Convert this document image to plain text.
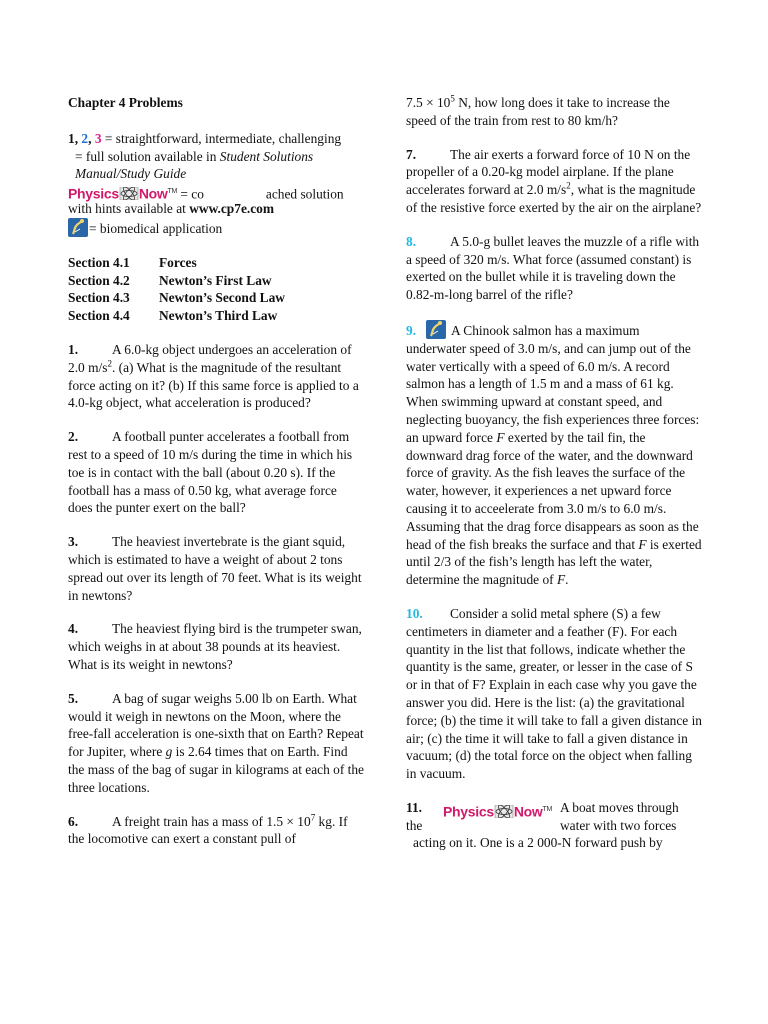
Chapter 4 Problems

1, 2, 3 = straightforward, intermediate, challenging
= full solution available in Student Solutions Manual/Study Guide
Physics Now™ = co	ached solution
with hints available at www.cp7e.com
= biomedical application
Section 4.1	Forces
Section 4.2	Newton’s First Law
Section 4.3	Newton’s Second Law
Section 4.4	Newton’s Third Law

1.	A 6.0-kg object undergoes an acceleration of 2.0 $m/s^2$. (a) What is the magnitude of the resultant force acting on it? (b) If this same force is applied to a 4.0-kg object, what acceleration is produced?

2.	A football punter accelerates a football from rest to a speed of 10 m/s during the time in which his toe is in contact with the ball (about 0.20 s). If the football has a mass of 0.50 kg, what average force does the punter exert on the ball?

3.	The heaviest invertebrate is the giant squid, which is estimated to have a weight of about 2 tons spread out over its length of 70 feet. What is its weight in newtons?

4.	The heaviest flying bird is the trumpeter swan, which weighs in at about 38 pounds at its heaviest. What is its weight in newtons?

5.	A bag of sugar weighs 5.00 lb on Earth. What would it weigh in newtons on the Moon, where the free-fall acceleration is one-sixth that on Earth? Repeat for Jupiter, where g is 2.64 times that on Earth. Find the mass of the bag of sugar in kilograms at each of the three locations.

6.	A freight train has a mass of $1.5 \times 10^7$ kg. If the locomotive can exert a constant pull of

$7.5 \times 10^5$ N, how long does it take to increase the speed of the train from rest to 80 km/h?

7.	The air exerts a forward force of 10 N on the propeller of a 0.20-kg model airplane. If the plane accelerates forward at 2.0 $m/s^2$, what is the magnitude of the resistive force exerted by the air on the airplane?

8.	A 5.0-g bullet leaves the muzzle of a rifle with a speed of 320 m/s. What force (assumed constant) is exerted on the bullet while it is traveling down the 0.82-m-long barrel of the rifle?

9.	A Chinook salmon has a maximum underwater speed of 3.0 m/s, and can jump out of the water vertically with a speed of 6.0 m/s. A record salmon has a length of 1.5 m and a mass of 61 kg. When swimming upward at constant speed, and neglecting buoyancy, the fish experiences three forces: an upward force F exerted by the tail fin, the downward drag force of the water, and the downward force of gravity. As the fish leaves the surface of the water, however, it experiences a net upward force causing it to acceelerate from 3.0 m/s to 6.0 m/s. Assuming that the drag force disappears as soon as the head of the fish breaks the surface and that F is exerted until 2/3 of the fish’s length has left the water, determine the magnitude of F.

10. Consider a solid metal sphere (S) a few centimeters in diameter and a feather (F). For each quantity in the list that follows, indicate whether the quantity is the same, greater, or lesser in the case of S or in that of F? Explain in each case why you gave the answer you did. Here is the list: (a) the gravitational force; (b) the time it will take to fall a given distance in air; (c) the time it will take to fall a given distance in vacuum; (d) the total force on the object when falling in vacuum.

11.
the
Physics Now™ A boat moves through
water with two forces acting on it. One is a 2 000-N forward push by
